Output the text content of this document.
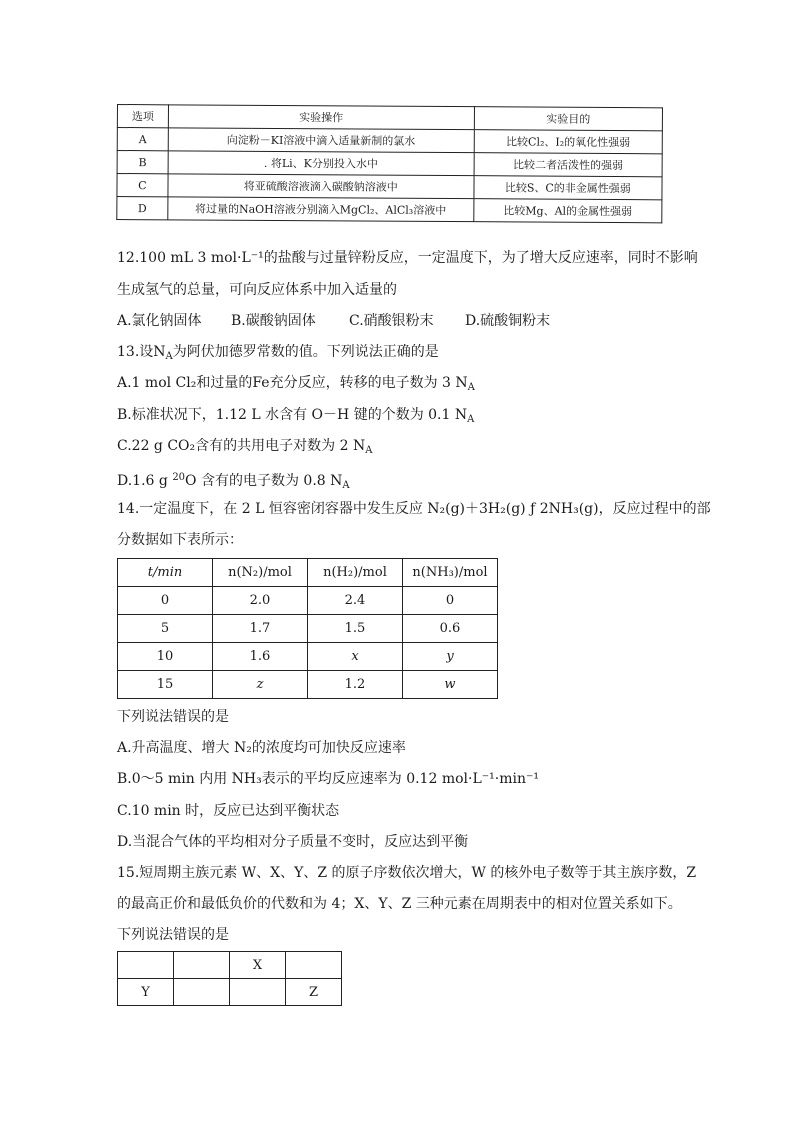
选项	实验操作	实验目的
A	向淀粉－KI溶液中滴入适量新制的氯水	比较Cl₂、I₂的氧化性强弱
B	. 将Li、K分别投入水中	比较二者活泼性的强弱
C	将亚硫酸溶液滴入碳酸钠溶液中	比较S、C的非金属性强弱
D	将过量的NaOH溶液分别滴入MgCl₂、AlCl₃溶液中	比较Mg、Al的金属性强弱
12.100 mL 3 mol·L⁻¹的盐酸与过量锌粉反应，一定温度下，为了增大反应速率，同时不影响
生成氢气的总量，可向反应体系中加入适量的
A.氯化钠固体 B.碳酸钠固体 C.硝酸银粉末 D.硫酸铜粉末
13.设$N_A$为阿伏加德罗常数的值。下列说法正确的是
A.1 mol Cl₂和过量的Fe充分反应，转移的电子数为 3 $N_A$
B.标准状况下，1.12 L 水含有 O－H 键的个数为 0.1 $N_A$
C.22 g CO₂含有的共用电子对数为 2 $N_A$
D.1.6 g $^{20}$O 含有的电子数为 0.8 $N_A$
14.一定温度下，在 2 L 恒容密闭容器中发生反应 N₂(g)＋3H₂(g) ƒ 2NH₃(g)，反应过程中的部
分数据如下表所示：
t/min	n(N₂)/mol	n(H₂)/mol	n(NH₃)/mol
0	2.0	2.4	0
5	1.7	1.5	0.6
10	1.6	x	y
15	z	1.2	w
下列说法错误的是
A.升高温度、增大 N₂的浓度均可加快反应速率
B.0～5 min 内用 NH₃表示的平均反应速率为 0.12 mol·L⁻¹·min⁻¹
C.10 min 时，反应已达到平衡状态
D.当混合气体的平均相对分子质量不变时，反应达到平衡
15.短周期主族元素 W、X、Y、Z 的原子序数依次增大，W 的核外电子数等于其主族序数，Z
的最高正价和最低负价的代数和为 4；X、Y、Z 三种元素在周期表中的相对位置关系如下。
下列说法错误的是
		X	
Y			Z
